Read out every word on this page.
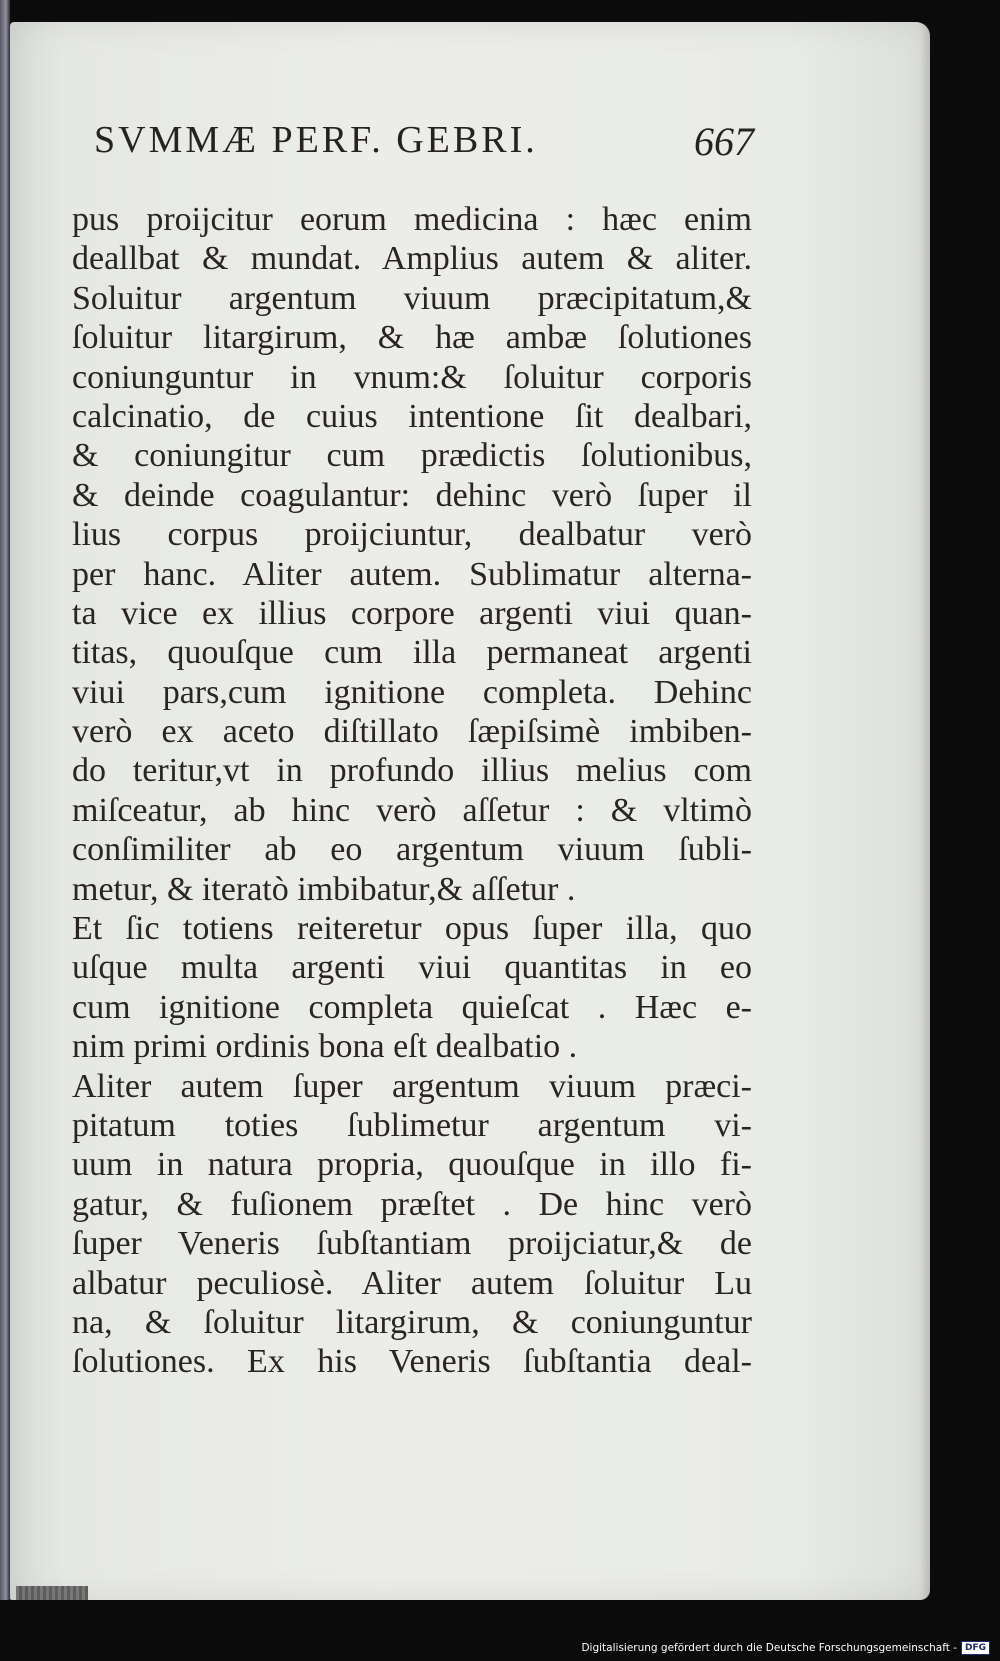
SVMMÆ PERF. GEBRI.	667
pus proijcitur eorum medicina : hæc enim
deallbat & mundat. Amplius autem & aliter.
Soluitur argentum viuum præcipitatum,&
ſoluitur litargirum, & hæ ambæ ſolutiones
coniunguntur in vnum:& ſoluitur corporis
calcinatio, de cuius intentione ſit dealbari,
& coniungitur cum prædictis ſolutionibus,
& deinde coagulantur: dehinc verò ſuper il
lius corpus proijciuntur, dealbatur verò
per hanc. Aliter autem. Sublimatur alterna-
ta vice ex illius corpore argenti viui quan-
titas, quouſque cum illa permaneat argenti
viui pars,cum ignitione completa. Dehinc
verò ex aceto diſtillato ſæpiſsimè imbiben-
do teritur,vt in profundo illius melius com
miſceatur, ab hinc verò aſſetur : & vltimò
conſimiliter ab eo argentum viuum ſubli-
metur, & iteratò imbibatur,& aſſetur .
Et ſic totiens reiteretur opus ſuper illa, quo
uſque multa argenti viui quantitas in eo
cum ignitione completa quieſcat . Hæc e-
nim primi ordinis bona eſt dealbatio .
Aliter autem ſuper argentum viuum præci-
pitatum toties ſublimetur argentum vi-
uum in natura propria, quouſque in illo fi-
gatur, & fuſionem præſtet . De hinc verò
ſuper Veneris ſubſtantiam proijciatur,& de
albatur peculiosè. Aliter autem ſoluitur Lu
na, & ſoluitur litargirum, & coniunguntur
ſolutiones. Ex his Veneris ſubſtantia deal-
Digitalisierung gefördert durch die Deutsche Forschungsgemeinschaft - DFG
